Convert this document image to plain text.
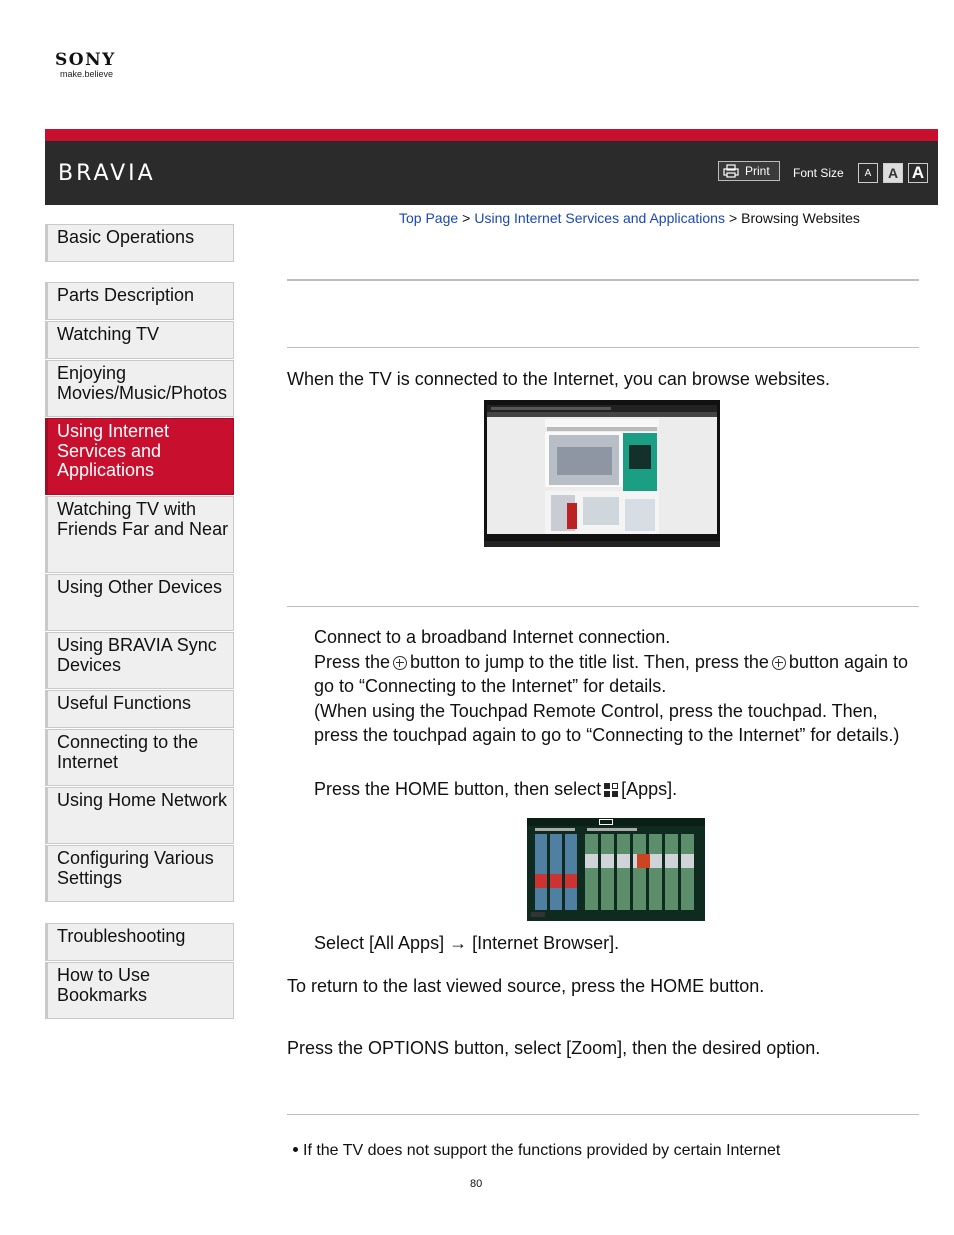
SONY
make.believe
BRAVIA	Print Font Size	A	A A
Top Page > Using Internet Services and Applications > Browsing Websites
Basic Operations
Parts Description
Watching TV
Enjoying Movies/Music/Photos
Using Internet Services and Applications
Watching TV with Friends Far and Near
Using Other Devices
Using BRAVIA Sync Devices
Useful Functions
Connecting to the Internet
Using Home Network
Configuring Various Settings
Troubleshooting
How to Use Bookmarks
When the TV is connected to the Internet, you can browse websites.
Connect to a broadband Internet connection.
Press the button to jump to the title list. Then, press the button again to go to “Connecting to the Internet” for details.
(When using the Touchpad Remote Control, press the touchpad. Then, press the touchpad again to go to “Connecting to the Internet” for details.)
Press the HOME button, then select [Apps].
Select [All Apps] → [Internet Browser].
To return to the last viewed source, press the HOME button.
Press the OPTIONS button, select [Zoom], then the desired option.
If the TV does not support the functions provided by certain Internet
80
